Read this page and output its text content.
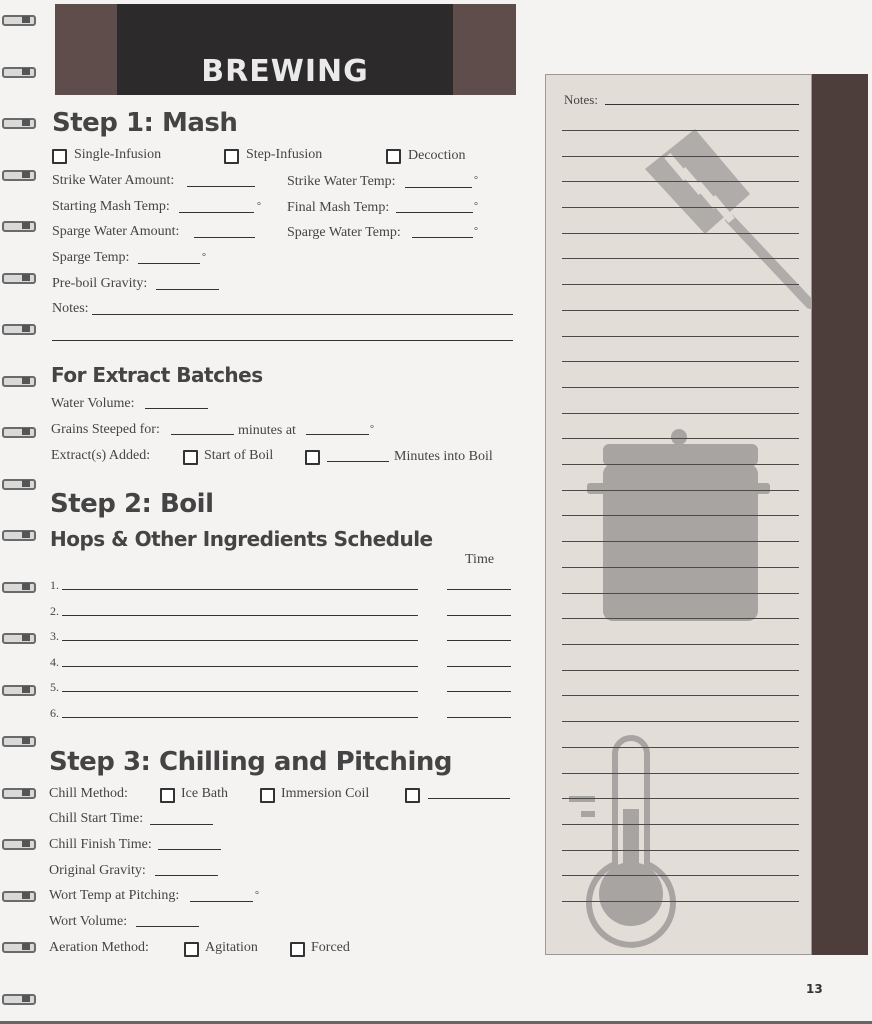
BREWING
Step 1: Mash
Single-Infusion	Step-Infusion	Decoction
Strike Water Amount:	Strike Water Temp:	°
Starting Mash Temp:	° Final Mash Temp:	°
Sparge Water Amount:	Sparge Water Temp:	°
Sparge Temp:	°
Pre-boil Gravity:
Notes:
For Extract Batches
Water Volume:
Grains Steeped for:	minutes at	°
Extract(s) Added:	Start of Boil	Minutes into Boil
Step 2: Boil
Hops & Other Ingredients Schedule
Time
1.
2.
3.
4.
5.
6.
Step 3: Chilling and Pitching
Chill Method:	Ice Bath	Immersion Coil
Chill Start Time:
Chill Finish Time:
Original Gravity:
Wort Temp at Pitching:	°
Wort Volume:
Aeration Method:	Agitation	Forced
Notes:
13
